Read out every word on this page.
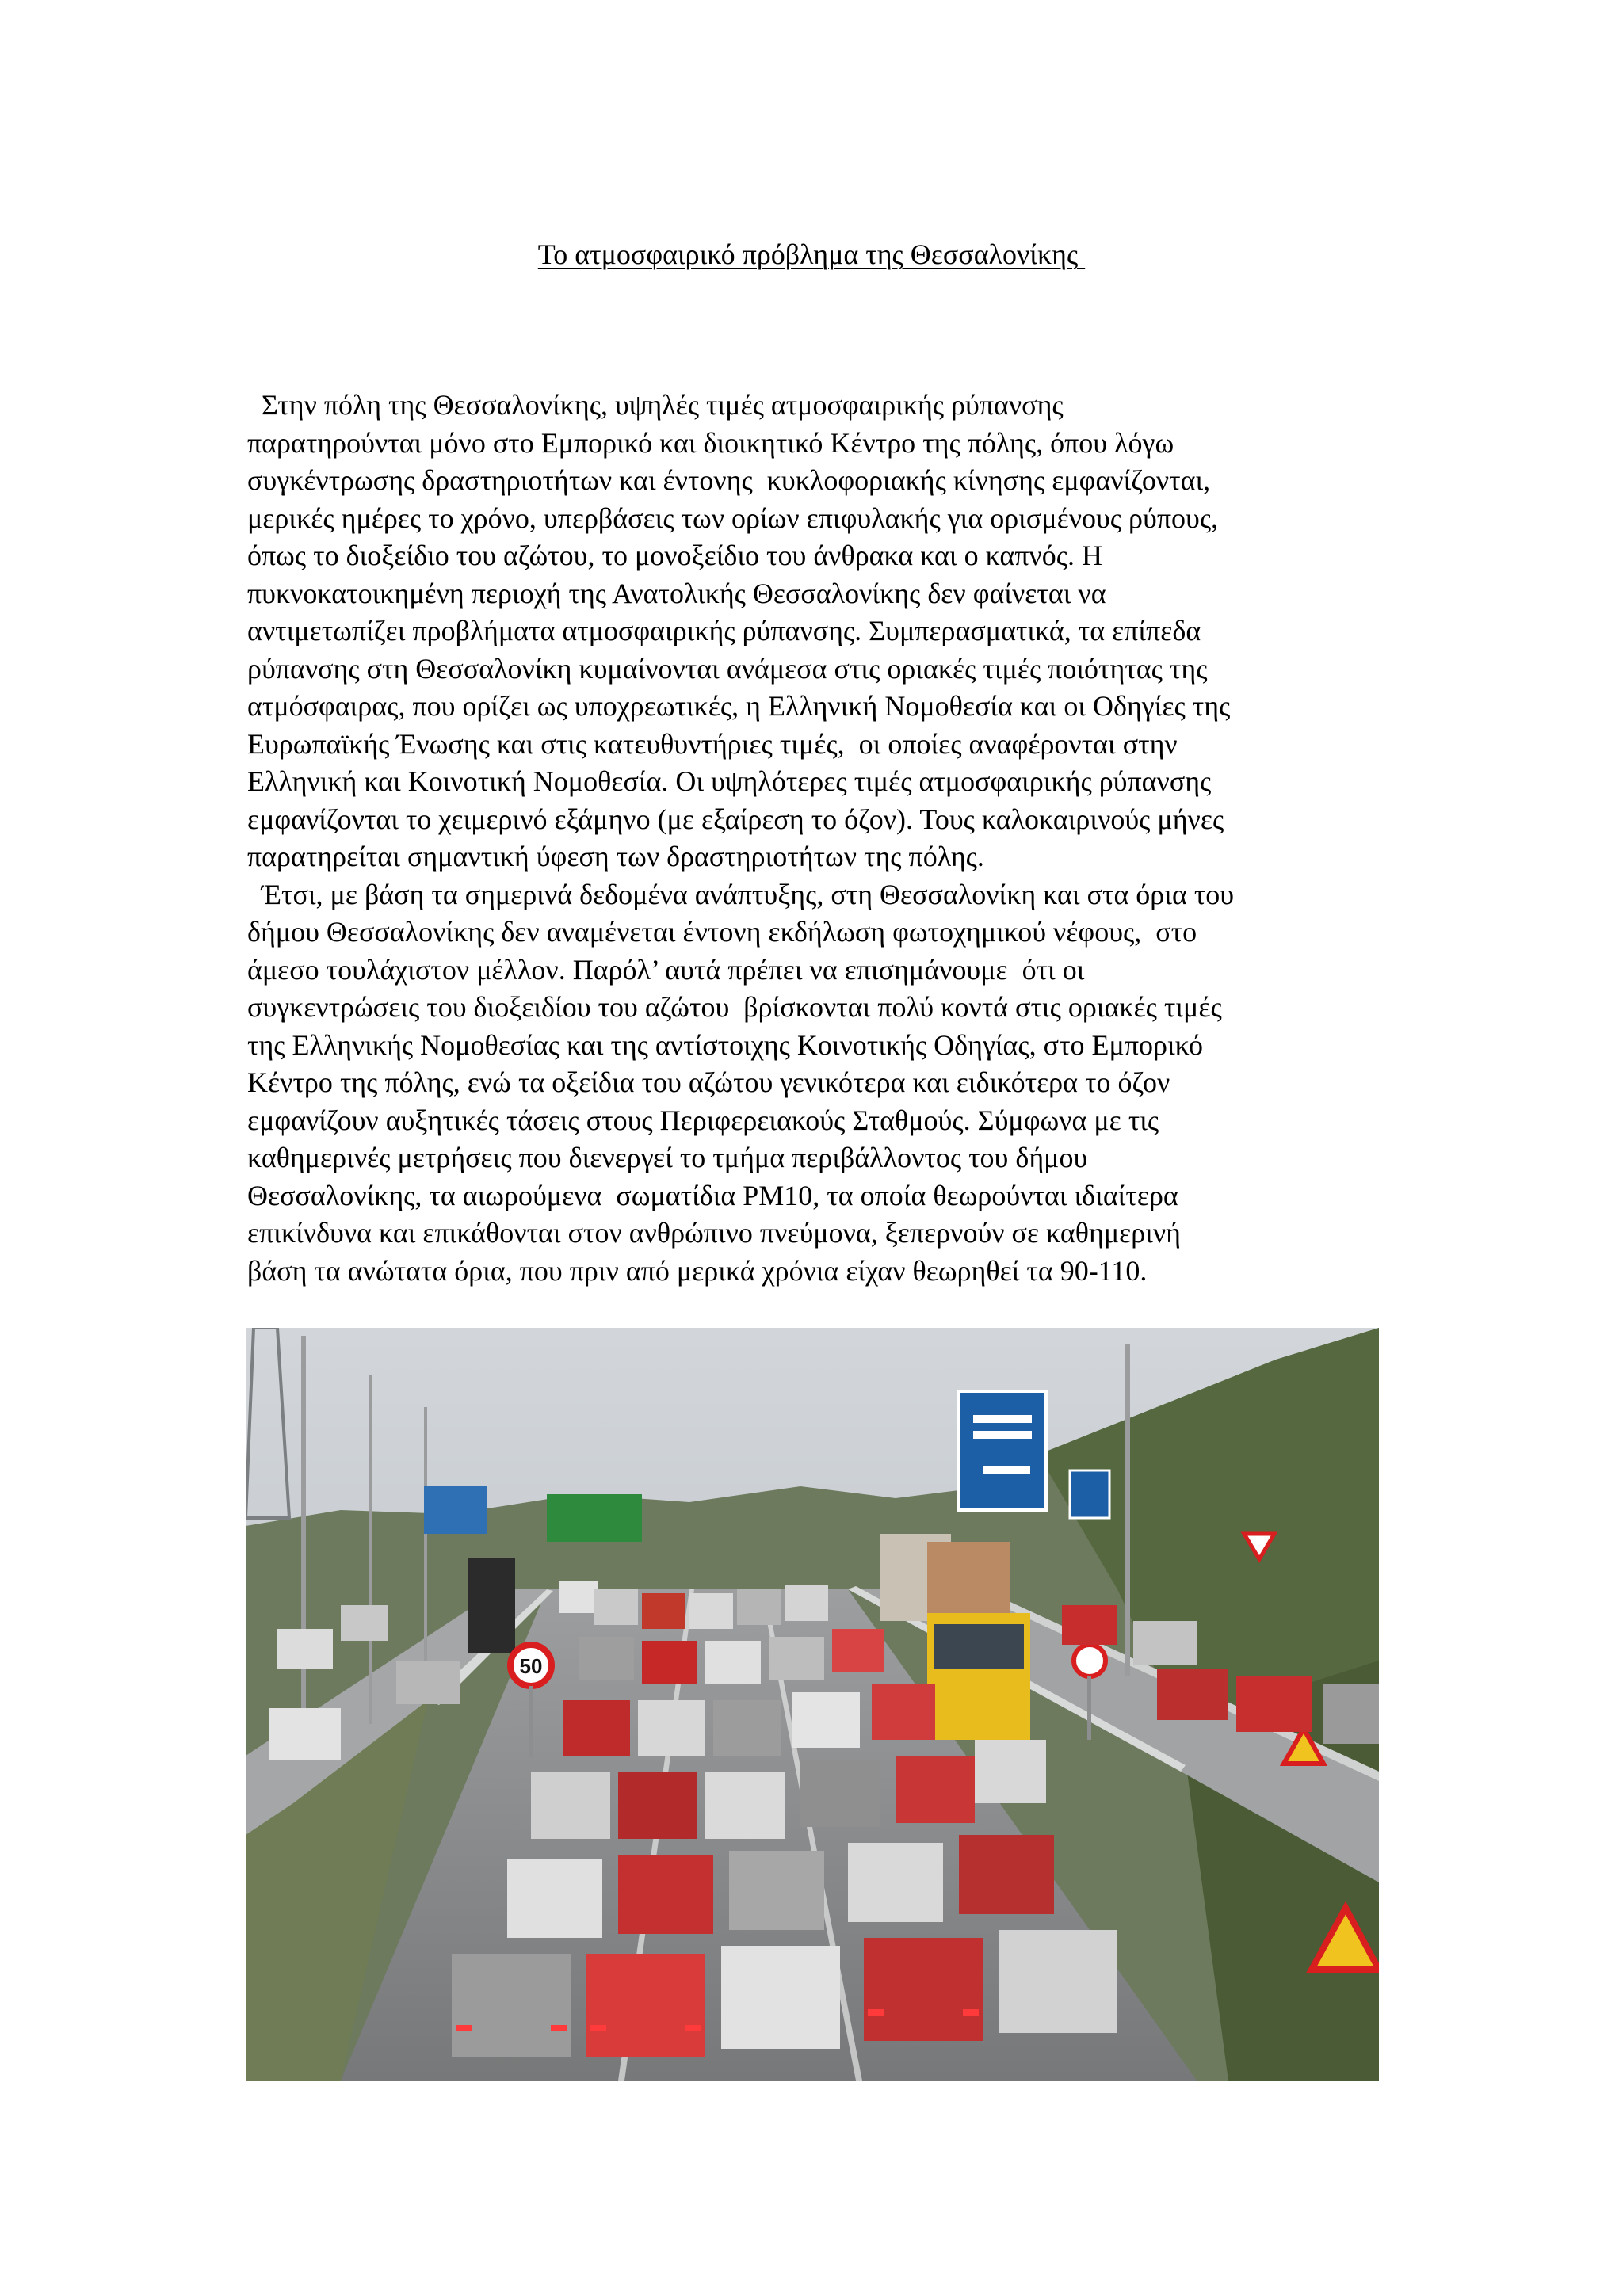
Το ατμοσφαιρικό πρόβλημα της Θεσσαλονίκης
Στην πόλη της Θεσσαλονίκης, υψηλές τιμές ατμοσφαιρικής ρύπανσης
παρατηρούνται μόνο στο Εμπορικό και διοικητικό Κέντρο της πόλης, όπου λόγω
συγκέντρωσης δραστηριοτήτων και έντονης  κυκλοφοριακής κίνησης εμφανίζονται,
μερικές ημέρες το χρόνο, υπερβάσεις των ορίων επιφυλακής για ορισμένους ρύπους,
όπως το διοξείδιο του αζώτου, το μονοξείδιο του άνθρακα και ο καπνός. Η
πυκνοκατοικημένη περιοχή της Ανατολικής Θεσσαλονίκης δεν φαίνεται να
αντιμετωπίζει προβλήματα ατμοσφαιρικής ρύπανσης. Συμπερασματικά, τα επίπεδα
ρύπανσης στη Θεσσαλονίκη κυμαίνονται ανάμεσα στις οριακές τιμές ποιότητας της
ατμόσφαιρας, που ορίζει ως υποχρεωτικές, η Ελληνική Νομοθεσία και οι Οδηγίες της
Ευρωπαϊκής Ένωσης και στις κατευθυντήριες τιμές,  οι οποίες αναφέρονται στην
Ελληνική και Κοινοτική Νομοθεσία. Οι υψηλότερες τιμές ατμοσφαιρικής ρύπανσης
εμφανίζονται το χειμερινό εξάμηνο (με εξαίρεση το όζον). Τους καλοκαιρινούς μήνες
παρατηρείται σημαντική ύφεση των δραστηριοτήτων της πόλης.
Έτσι, με βάση τα σημερινά δεδομένα ανάπτυξης, στη Θεσσαλονίκη και στα όρια του
δήμου Θεσσαλονίκης δεν αναμένεται έντονη εκδήλωση φωτοχημικού νέφους,  στο
άμεσο τουλάχιστον μέλλον. Παρόλ’ αυτά πρέπει να επισημάνουμε  ότι οι
συγκεντρώσεις του διοξειδίου του αζώτου  βρίσκονται πολύ κοντά στις οριακές τιμές
της Ελληνικής Νομοθεσίας και της αντίστοιχης Κοινοτικής Οδηγίας, στο Εμπορικό
Κέντρο της πόλης, ενώ τα οξείδια του αζώτου γενικότερα και ειδικότερα το όζον
εμφανίζουν αυξητικές τάσεις στους Περιφερειακούς Σταθμούς. Σύμφωνα με τις
καθημερινές μετρήσεις που διενεργεί το τμήμα περιβάλλοντος του δήμου
Θεσσαλονίκης, τα αιωρούμενα  σωματίδια PM10, τα οποία θεωρούνται ιδιαίτερα
επικίνδυνα και επικάθονται στον ανθρώπινο πνεύμονα, ξεπερνούν σε καθημερινή
βάση τα ανώτατα όρια, που πριν από μερικά χρόνια είχαν θεωρηθεί τα 90-110.
50
